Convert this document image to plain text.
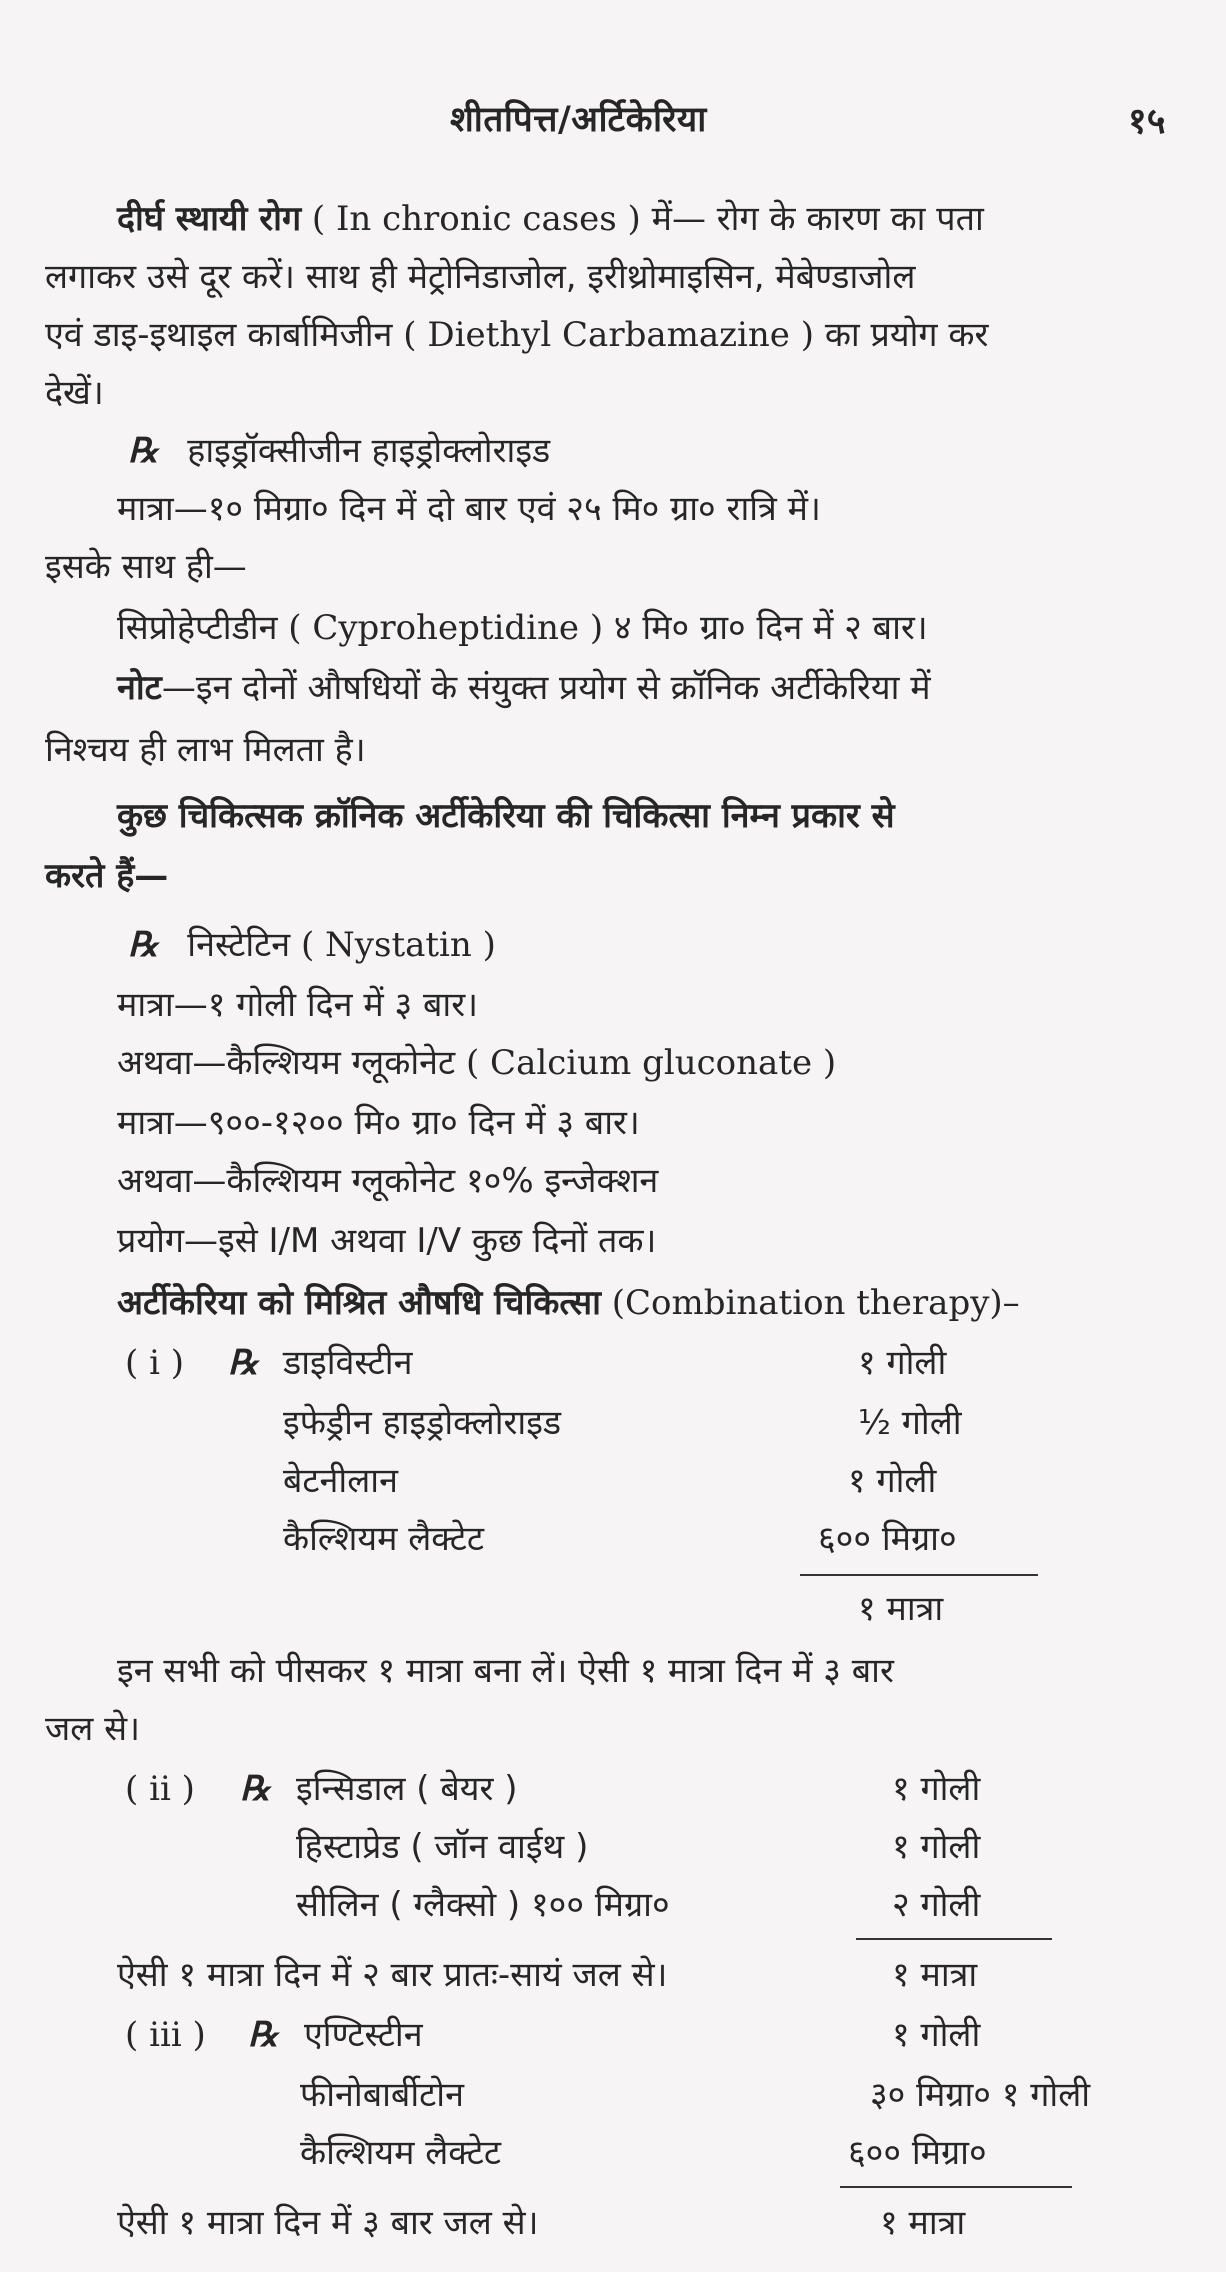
शीतपित्त/अर्टिकेरिया	१५
दीर्घ स्थायी रोग ( In chronic cases ) में— रोग के कारण का पता
लगाकर उसे दूर करें। साथ ही मेट्रोनिडाजोल, इरीथ्रोमाइसिन, मेबेण्डाजोल
एवं डाइ-इथाइल कार्बामिजीन ( Diethyl Carbamazine ) का प्रयोग कर
देखें।
℞ हाइड्रॉक्सीजीन हाइड्रोक्लोराइड
मात्रा—१० मिग्रा० दिन में दो बार एवं २५ मि० ग्रा० रात्रि में।
इसके साथ ही—
सिप्रोहेप्टीडीन ( Cyproheptidine ) ४ मि० ग्रा० दिन में २ बार।
नोट—इन दोनों औषधियों के संयुक्त प्रयोग से क्रॉनिक अर्टीकेरिया में
निश्चय ही लाभ मिलता है।
कुछ चिकित्सक क्रॉनिक अर्टीकेरिया की चिकित्सा निम्न प्रकार से
करते हैं—
℞ निस्टेटिन ( Nystatin )
मात्रा—१ गोली दिन में ३ बार।
अथवा—कैल्शियम ग्लूकोनेट ( Calcium gluconate )
मात्रा—९००-१२०० मि० ग्रा० दिन में ३ बार।
अथवा—कैल्शियम ग्लूकोनेट १०% इन्जेक्शन
प्रयोग—इसे I/M अथवा I/V कुछ दिनों तक।
अर्टीकेरिया को मिश्रित औषधि चिकित्सा (Combination therapy)–
( i ) ℞ डाइविस्टीन	१ गोली
इफेड्रीन हाइड्रोक्लोराइड	½ गोली
बेटनीलान	१ गोली
कैल्शियम लैक्टेट	६०० मिग्रा०
१ मात्रा
इन सभी को पीसकर १ मात्रा बना लें। ऐसी १ मात्रा दिन में ३ बार
जल से।
( ii ) ℞ इन्सिडाल ( बेयर )	१ गोली
हिस्टाप्रेड ( जॉन वाईथ )	१ गोली
सीलिन ( ग्लैक्सो ) १०० मिग्रा०	२ गोली
ऐसी १ मात्रा दिन में २ बार प्रातः-सायं जल से।	१ मात्रा
( iii ) ℞ एण्टिस्टीन	१ गोली
फीनोबार्बीटोन	३० मिग्रा० १ गोली
कैल्शियम लैक्टेट	६०० मिग्रा०
ऐसी १ मात्रा दिन में ३ बार जल से।	१ मात्रा
